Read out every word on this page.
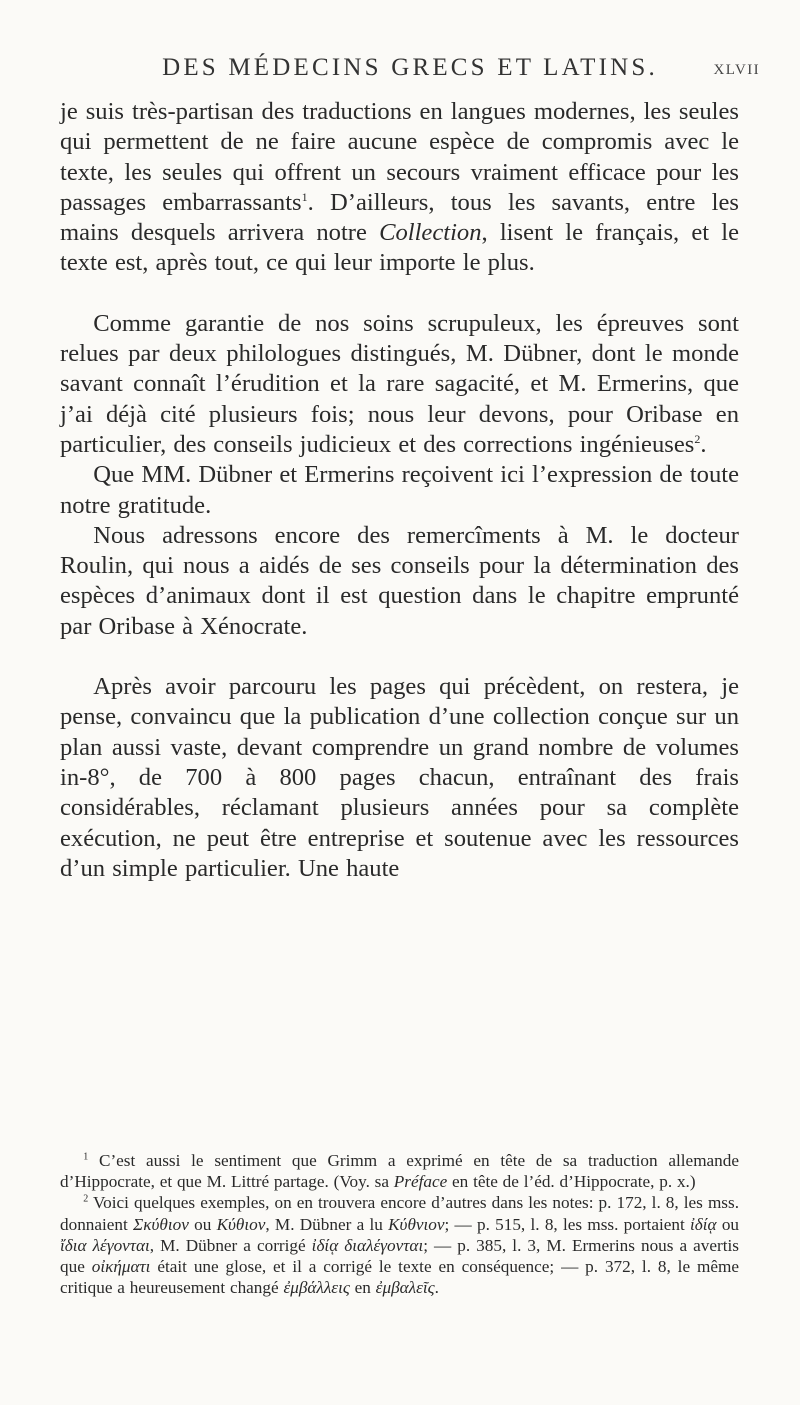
DES MÉDECINS GRECS ET LATINS.	XLVII

je suis très-partisan des traductions en langues modernes, les seules qui permettent de ne faire aucune espèce de compromis avec le texte, les seules qui offrent un secours vraiment efficace pour les passages embarrassants$^1$. D’ailleurs, tous les savants, entre les mains desquels arrivera notre Collection, lisent le français, et le texte est, après tout, ce qui leur importe le plus.

Comme garantie de nos soins scrupuleux, les épreuves sont relues par deux philologues distingués, M. Dübner, dont le monde savant connaît l’érudition et la rare sagacité, et M. Ermerins, que j’ai déjà cité plusieurs fois; nous leur devons, pour Oribase en particulier, des conseils judicieux et des corrections ingénieuses$^2$.

Que MM. Dübner et Ermerins reçoivent ici l’expression de toute notre gratitude.

Nous adressons encore des remercîments à M. le docteur Roulin, qui nous a aidés de ses conseils pour la détermination des espèces d’animaux dont il est question dans le chapitre emprunté par Oribase à Xénocrate.

Après avoir parcouru les pages qui précèdent, on restera, je pense, convaincu que la publication d’une collection conçue sur un plan aussi vaste, devant comprendre un grand nombre de volumes in-8°, de 700 à 800 pages chacun, entraînant des frais considérables, réclamant plusieurs années pour sa complète exécution, ne peut être entreprise et soutenue avec les ressources d’un simple particulier. Une haute

$^1$ C’est aussi le sentiment que Grimm a exprimé en tête de sa traduction allemande d’Hippocrate, et que M. Littré partage. (Voy. sa Préface en tête de l’éd. d’Hippocrate, p. x.)

$^2$ Voici quelques exemples, on en trouvera encore d’autres dans les notes: p. 172, l. 8, les mss. donnaient Σκύθιον ou Κύθιον, M. Dübner a lu Κύθνιον; — p. 515, l. 8, les mss. portaient ἰδίᾳ ou ἴδια λέγονται, M. Dübner a corrigé ἰδίᾳ διαλέγονται; — p. 385, l. 3, M. Ermerins nous a avertis que οἰκήματι était une glose, et il a corrigé le texte en conséquence; — p. 372, l. 8, le même critique a heureusement changé ἐμβάλλεις en ἐμβαλεῖς.
